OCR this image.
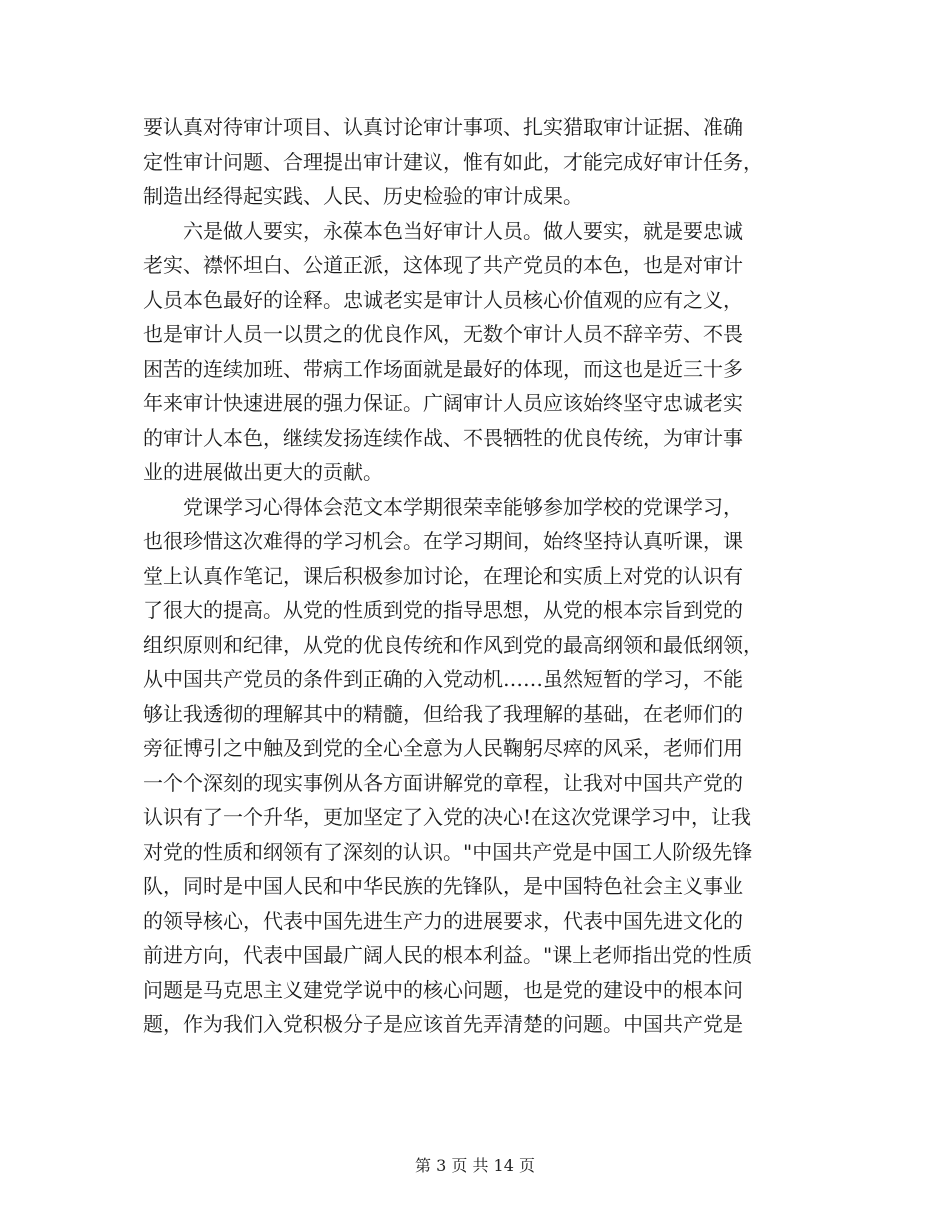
要认真对待审计项目、认真讨论审计事项、扎实猎取审计证据、准确
定性审计问题、合理提出审计建议，惟有如此，才能完成好审计任务，
制造出经得起实践、人民、历史检验的审计成果。

六是做人要实，永葆本色当好审计人员。做人要实，就是要忠诚
老实、襟怀坦白、公道正派，这体现了共产党员的本色，也是对审计
人员本色最好的诠释。忠诚老实是审计人员核心价值观的应有之义，
也是审计人员一以贯之的优良作风，无数个审计人员不辞辛劳、不畏
困苦的连续加班、带病工作场面就是最好的体现，而这也是近三十多
年来审计快速进展的强力保证。广阔审计人员应该始终坚守忠诚老实
的审计人本色，继续发扬连续作战、不畏牺牲的优良传统，为审计事
业的进展做出更大的贡献。

党课学习心得体会范文本学期很荣幸能够参加学校的党课学习，
也很珍惜这次难得的学习机会。在学习期间，始终坚持认真听课，课
堂上认真作笔记，课后积极参加讨论，在理论和实质上对党的认识有
了很大的提高。从党的性质到党的指导思想，从党的根本宗旨到党的
组织原则和纪律，从党的优良传统和作风到党的最高纲领和最低纲领，
从中国共产党员的条件到正确的入党动机……虽然短暂的学习，不能
够让我透彻的理解其中的精髓，但给我了我理解的基础，在老师们的
旁征博引之中触及到党的全心全意为人民鞠躬尽瘁的风采，老师们用
一个个深刻的现实事例从各方面讲解党的章程，让我对中国共产党的
认识有了一个升华，更加坚定了入党的决心!在这次党课学习中，让我
对党的性质和纲领有了深刻的认识。"中国共产党是中国工人阶级先锋
队，同时是中国人民和中华民族的先锋队，是中国特色社会主义事业
的领导核心，代表中国先进生产力的进展要求，代表中国先进文化的
前进方向，代表中国最广阔人民的根本利益。"课上老师指出党的性质
问题是马克思主义建党学说中的核心问题，也是党的建设中的根本问
题，作为我们入党积极分子是应该首先弄清楚的问题。中国共产党是

第 3 页 共 14 页
